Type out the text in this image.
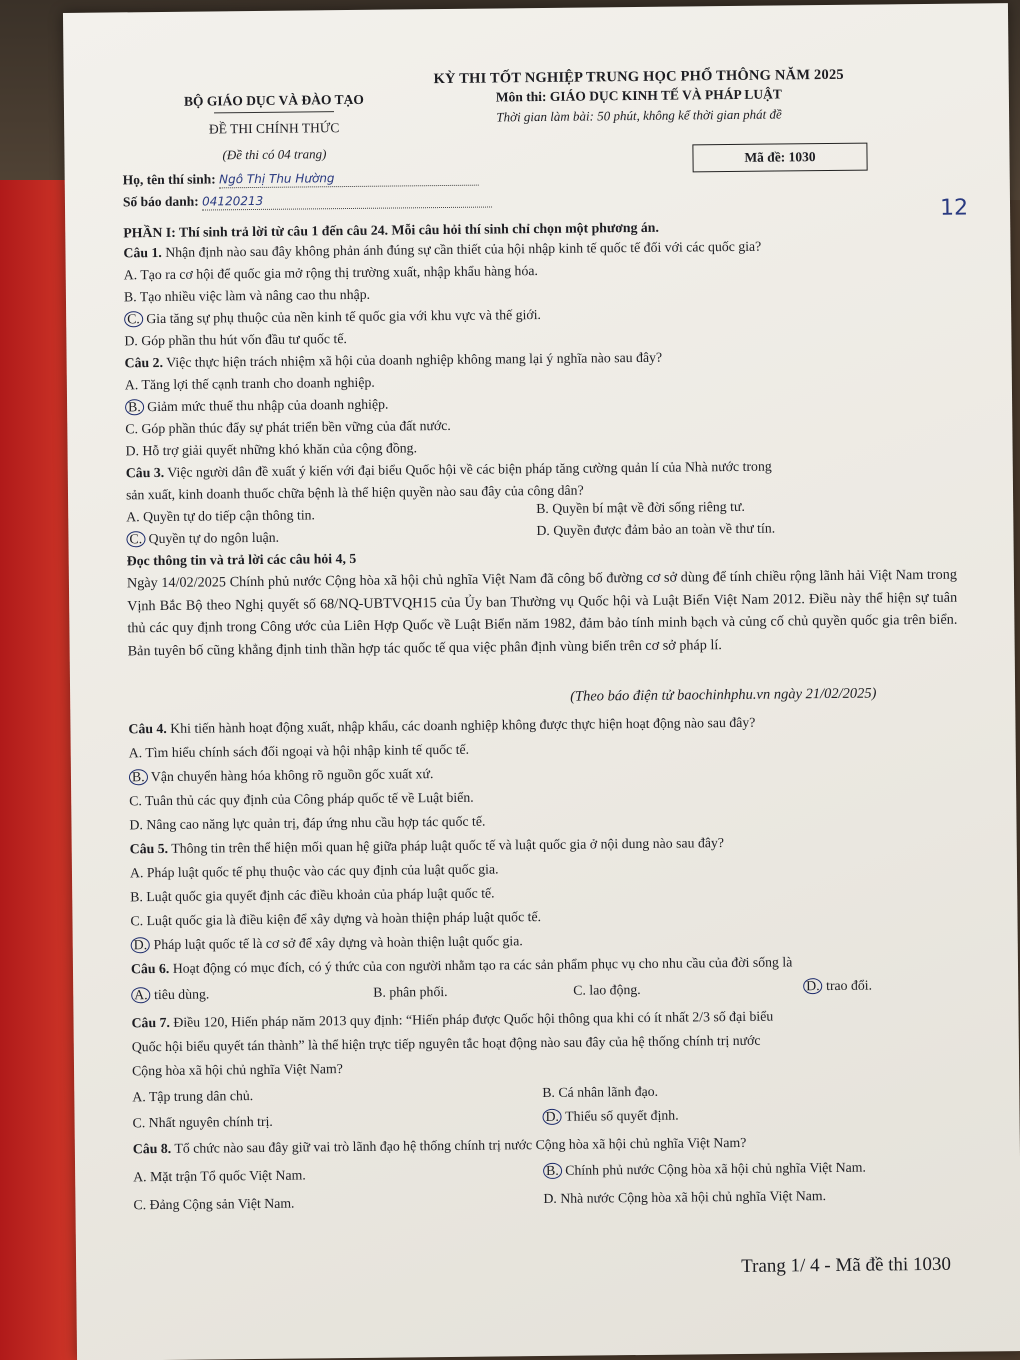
BỘ GIÁO DỤC VÀ ĐÀO TẠO
ĐỀ THI CHÍNH THỨC
(Đề thi có 04 trang)
KỲ THI TỐT NGHIỆP TRUNG HỌC PHỔ THÔNG NĂM 2025
Môn thi: GIÁO DỤC KINH TẾ VÀ PHÁP LUẬT
Thời gian làm bài: 50 phút, không kể thời gian phát đề
Mã đề: 1030
Họ, tên thí sinh: Ngô Thị Thu Hường
Số báo danh: 04120213	12
PHẦN I: Thí sinh trả lời từ câu 1 đến câu 24. Mỗi câu hỏi thí sinh chỉ chọn một phương án.
Câu 1. Nhận định nào sau đây không phản ánh đúng sự cần thiết của hội nhập kinh tế quốc tế đối với các quốc gia?
A. Tạo ra cơ hội để quốc gia mở rộng thị trường xuất, nhập khẩu hàng hóa.
B. Tạo nhiều việc làm và nâng cao thu nhập.
C. Gia tăng sự phụ thuộc của nền kinh tế quốc gia với khu vực và thế giới.
D. Góp phần thu hút vốn đầu tư quốc tế.
Câu 2. Việc thực hiện trách nhiệm xã hội của doanh nghiệp không mang lại ý nghĩa nào sau đây?
A. Tăng lợi thế cạnh tranh cho doanh nghiệp.
B. Giảm mức thuế thu nhập của doanh nghiệp.
C. Góp phần thúc đẩy sự phát triển bền vững của đất nước.
D. Hỗ trợ giải quyết những khó khăn của cộng đồng.
Câu 3. Việc người dân đề xuất ý kiến với đại biểu Quốc hội về các biện pháp tăng cường quản lí của Nhà nước trong
sản xuất, kinh doanh thuốc chữa bệnh là thể hiện quyền nào sau đây của công dân?
A. Quyền tự do tiếp cận thông tin.	B. Quyền bí mật về đời sống riêng tư.
C. Quyền tự do ngôn luận.	D. Quyền được đảm bảo an toàn về thư tín.
Đọc thông tin và trả lời các câu hỏi 4, 5
Ngày 14/02/2025 Chính phủ nước Cộng hòa xã hội chủ nghĩa Việt Nam đã công bố đường cơ sở dùng để tính chiều rộng lãnh hải Việt Nam trong Vịnh Bắc Bộ theo Nghị quyết số 68/NQ-UBTVQH15 của Ủy ban Thường vụ Quốc hội và Luật Biển Việt Nam 2012. Điều này thể hiện sự tuân thủ các quy định trong Công ước của Liên Hợp Quốc về Luật Biển năm 1982, đảm bảo tính minh bạch và củng cố chủ quyền quốc gia trên biển. Bản tuyên bố cũng khẳng định tinh thần hợp tác quốc tế qua việc phân định vùng biển trên cơ sở pháp lí.
(Theo báo điện tử baochinhphu.vn ngày 21/02/2025)
Câu 4. Khi tiến hành hoạt động xuất, nhập khẩu, các doanh nghiệp không được thực hiện hoạt động nào sau đây?
A. Tìm hiểu chính sách đối ngoại và hội nhập kinh tế quốc tế.
B. Vận chuyển hàng hóa không rõ nguồn gốc xuất xứ.
C. Tuân thủ các quy định của Công pháp quốc tế về Luật biển.
D. Nâng cao năng lực quản trị, đáp ứng nhu cầu hợp tác quốc tế.
Câu 5. Thông tin trên thể hiện mối quan hệ giữa pháp luật quốc tế và luật quốc gia ở nội dung nào sau đây?
A. Pháp luật quốc tế phụ thuộc vào các quy định của luật quốc gia.
B. Luật quốc gia quyết định các điều khoản của pháp luật quốc tế.
C. Luật quốc gia là điều kiện để xây dựng và hoàn thiện pháp luật quốc tế.
D. Pháp luật quốc tế là cơ sở để xây dựng và hoàn thiện luật quốc gia.
Câu 6. Hoạt động có mục đích, có ý thức của con người nhằm tạo ra các sản phẩm phục vụ cho nhu cầu của đời sống là
A. tiêu dùng.	B. phân phối.	C. lao động.	D. trao đổi.
Câu 7. Điều 120, Hiến pháp năm 2013 quy định: “Hiến pháp được Quốc hội thông qua khi có ít nhất 2/3 số đại biểu
Quốc hội biểu quyết tán thành” là thể hiện trực tiếp nguyên tắc hoạt động nào sau đây của hệ thống chính trị nước
Cộng hòa xã hội chủ nghĩa Việt Nam?
A. Tập trung dân chủ.	B. Cá nhân lãnh đạo.
C. Nhất nguyên chính trị.	D. Thiểu số quyết định.
Câu 8. Tổ chức nào sau đây giữ vai trò lãnh đạo hệ thống chính trị nước Cộng hòa xã hội chủ nghĩa Việt Nam?
A. Mặt trận Tổ quốc Việt Nam.	B. Chính phủ nước Cộng hòa xã hội chủ nghĩa Việt Nam.
C. Đảng Cộng sản Việt Nam.	D. Nhà nước Cộng hòa xã hội chủ nghĩa Việt Nam.
Trang 1/ 4 - Mã đề thi 1030
